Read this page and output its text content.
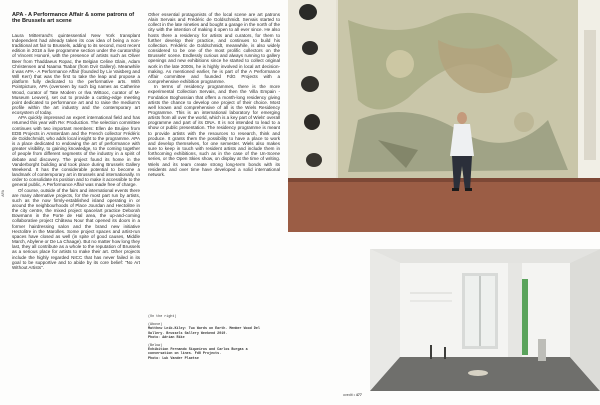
APA
APA - A Performance Affair & some patrons of the Brussels art scene

Laura Mitterrand's quintessential New York transplant Independent had already taken its cow idea of being a non-traditional art fair to Brussels, adding to its second, most recent edition in 2018 a live programme section under the curatorship of Vincent Honoré, with the presence of artists such as Oliver Beer from Thaddaeus Ropac, the Belgian Celine Glain, Adam Christensen and Naama Tsabar (from Dvir Gallery). Meanwhile it was APA - A Performance Affair (founded by Liv Vaisberg and Will Kerr) that was the first to take the leap and propose a platform fully dedicated to the performative arts. With Pointpicture, APA (overseen by such big names as Catherine Wood, curator of Tate Modern or Ilva Wittooc, curator of M-Museum Leuven), set out to provide a cutting-edge meeting point dedicated to performance art and to raise the medium's profile within the art industry and the contemporary art ecosystem of today.

APA quickly impressed an expert international field and has returned this year with Re: Production. The selection committee continues with two important members: Ellen de Bruijne from EDB Projects in Amsterdam and the French collector Frédéric de Goldschmidt, who adds local insight to the programme. APA is a place dedicated to endowing the art of performance with greater visibility, to gaining knowledge, to the coming together of people from different segments of the industry in a spirit of debate and discovery. The project found its home in the Vanderborght building and took place during Brussels Gallery Weekend. It has the considerable potential to become a landmark of contemporary art in Brussels and internationally. In order to consolidate its position and to make it accessible to the general public, A Performance Affair was made free of charge.

Of course, outside of the fairs and international events there are many alternative projects, for the most part run by artists, such as the now firmly-established island operating in or around the neighbourhoods of Place Jourdan and Hectolitre in the city centre, the mixed project space/art practice Deborah Bowmann in the Porte de Hal area, the up-and-coming collaborative project Château Nour that opened its doors in a former hairdressing salon and the brand new initiative Hectolitre in the Marolles. Some project spaces and artist-run spaces have closed as well (in spite of good causes, Middle March, Abylene or De La Chaage). But no matter how long they last, they all contribute as a whole to the reputation of Brussels as a serious place for artists to make their art. Other projects include the highly regarded NICC that has never failed in its goal to be supportive and to abide by its core belief: "No Art Without Artists".

Other essential protagonists of the local scene are art patrons Alain Servais and Frédéric de Goldschmidt. Servais started to collect in the late nineties and bought a garage in the north of the city with the intention of making it open to all ever since. He also hosts there a residency for artists and curators, for them to further develop their practice, and continues to build his collection. Frédéric de Goldschmidt, meanwhile, is also widely considered to be one of the most prolific collectors on the Brussels' scene. Endlessly curious and always running to gallery openings and new exhibitions since he started to collect original work in the late 2000s, he is highly involved in local art decision-making. As mentioned earlier, he is part of the A Performance Affair committee and founded FdG Projects with a comprehensive exhibition programme.

In terms of residency programmes, there is the more experimental Collection Servais, and then the Villa Empain - Fondation Boghossian that offers a month-long residency giving artists the chance to develop one project of their choice. Most well known and comprehensive of all is the Wiels Residency Programme. This is an international laboratory for emerging artists from all over the world, which is a key part of Wiels' overall programme and part of its DNA. It is not intended to lead to a show or public presentation. The residency programme is meant to provide artists with the resources to research, think and produce. It grants them the possibility to have a place to work and develop themselves, for one semester. Wiels also makes sure to keep in touch with resident artists and include them in forthcoming exhibitions, such as in the case of the Un-Scene series, or the Open Skies show, on display at the time of writing. Wiels and its team create strong long-term bonds with its residents and over time have developed a solid international network.

(On the right)
(Above)
Matthew Leib-Kiley: Two Words on Earth. Member Wood Del
Gallery. Brussels Gallery Weekend 2019.
Photo: Adrian Rike
(Below)
Exhibition Fernando Siqueiros and Carlos Burgas a
conversation on lines. FdG Projects.
Photo: Luk Vander Plaetse
ovedit • 477
